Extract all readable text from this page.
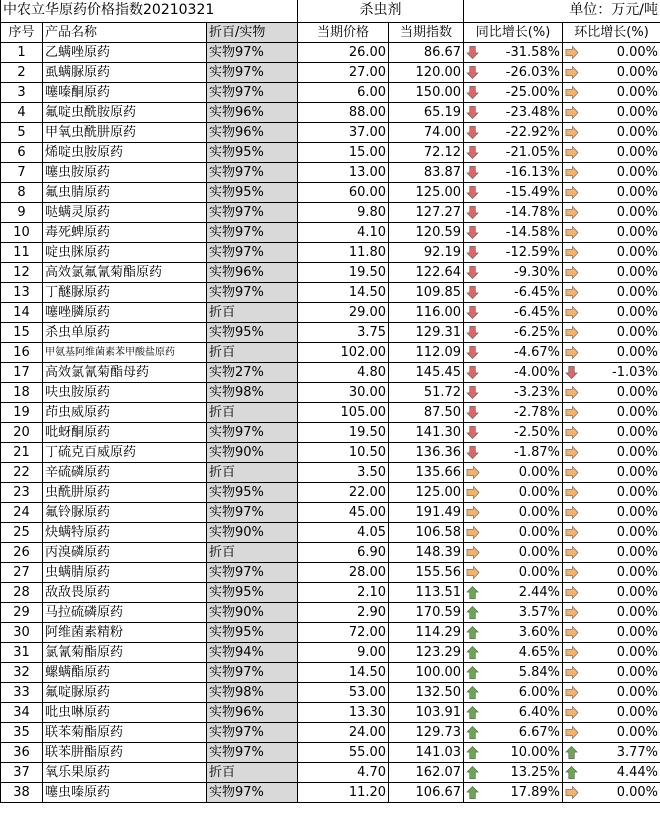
中农立华原药价格指数20210321			杀虫剂		单位：万元/吨	
序号	产品名称	折百/实物	当期价格	当期指数	同比增长(%)	环比增长(%)
1	乙螨唑原药	实物97%	26.00	86.67	-31.58%	0.00%
2	虱螨脲原药	实物97%	27.00	120.00	-26.03%	0.00%
3	噻嗪酮原药	实物97%	6.00	150.00	-25.00%	0.00%
4	氟啶虫酰胺原药	实物96%	88.00	65.19	-23.48%	0.00%
5	甲氧虫酰肼原药	实物96%	37.00	74.00	-22.92%	0.00%
6	烯啶虫胺原药	实物95%	15.00	72.12	-21.05%	0.00%
7	噻虫胺原药	实物97%	13.00	83.87	-16.13%	0.00%
8	氟虫腈原药	实物95%	60.00	125.00	-15.49%	0.00%
9	哒螨灵原药	实物97%	9.80	127.27	-14.78%	0.00%
10	毒死蜱原药	实物97%	4.10	120.59	-14.58%	0.00%
11	啶虫脒原药	实物97%	11.80	92.19	-12.59%	0.00%
12	高效氯氟氰菊酯原药	实物96%	19.50	122.64	-9.30%	0.00%
13	丁醚脲原药	实物97%	14.50	109.85	-6.45%	0.00%
14	噻唑膦原药	折百	29.00	116.00	-6.45%	0.00%
15	杀虫单原药	实物95%	3.75	129.31	-6.25%	0.00%
16	甲氨基阿维菌素苯甲酸盐原药	折百	102.00	112.09	-4.67%	0.00%
17	高效氯氰菊酯母药	实物27%	4.80	145.45	-4.00%	-1.03%
18	呋虫胺原药	实物98%	30.00	51.72	-3.23%	0.00%
19	茚虫威原药	折百	105.00	87.50	-2.78%	0.00%
20	吡蚜酮原药	实物97%	19.50	141.30	-2.50%	0.00%
21	丁硫克百威原药	实物90%	10.50	136.36	-1.87%	0.00%
22	辛硫磷原药	折百	3.50	135.66	0.00%	0.00%
23	虫酰肼原药	实物95%	22.00	125.00	0.00%	0.00%
24	氟铃脲原药	实物97%	45.00	191.49	0.00%	0.00%
25	炔螨特原药	实物90%	4.05	106.58	0.00%	0.00%
26	丙溴磷原药	折百	6.90	148.39	0.00%	0.00%
27	虫螨腈原药	实物97%	28.00	155.56	0.00%	0.00%
28	敌敌畏原药	实物95%	2.10	113.51	2.44%	0.00%
29	马拉硫磷原药	实物90%	2.90	170.59	3.57%	0.00%
30	阿维菌素精粉	实物95%	72.00	114.29	3.60%	0.00%
31	氯氰菊酯原药	实物94%	9.00	123.29	4.65%	0.00%
32	螺螨酯原药	实物97%	14.50	100.00	5.84%	0.00%
33	氟啶脲原药	实物98%	53.00	132.50	6.00%	0.00%
34	吡虫啉原药	实物96%	13.30	103.91	6.40%	0.00%
35	联苯菊酯原药	实物97%	24.00	129.73	6.67%	0.00%
36	联苯肼酯原药	实物97%	55.00	141.03	10.00%	3.77%
37	氧乐果原药	折百	4.70	162.07	13.25%	4.44%
38	噻虫嗪原药	实物97%	11.20	106.67	17.89%	0.00%
